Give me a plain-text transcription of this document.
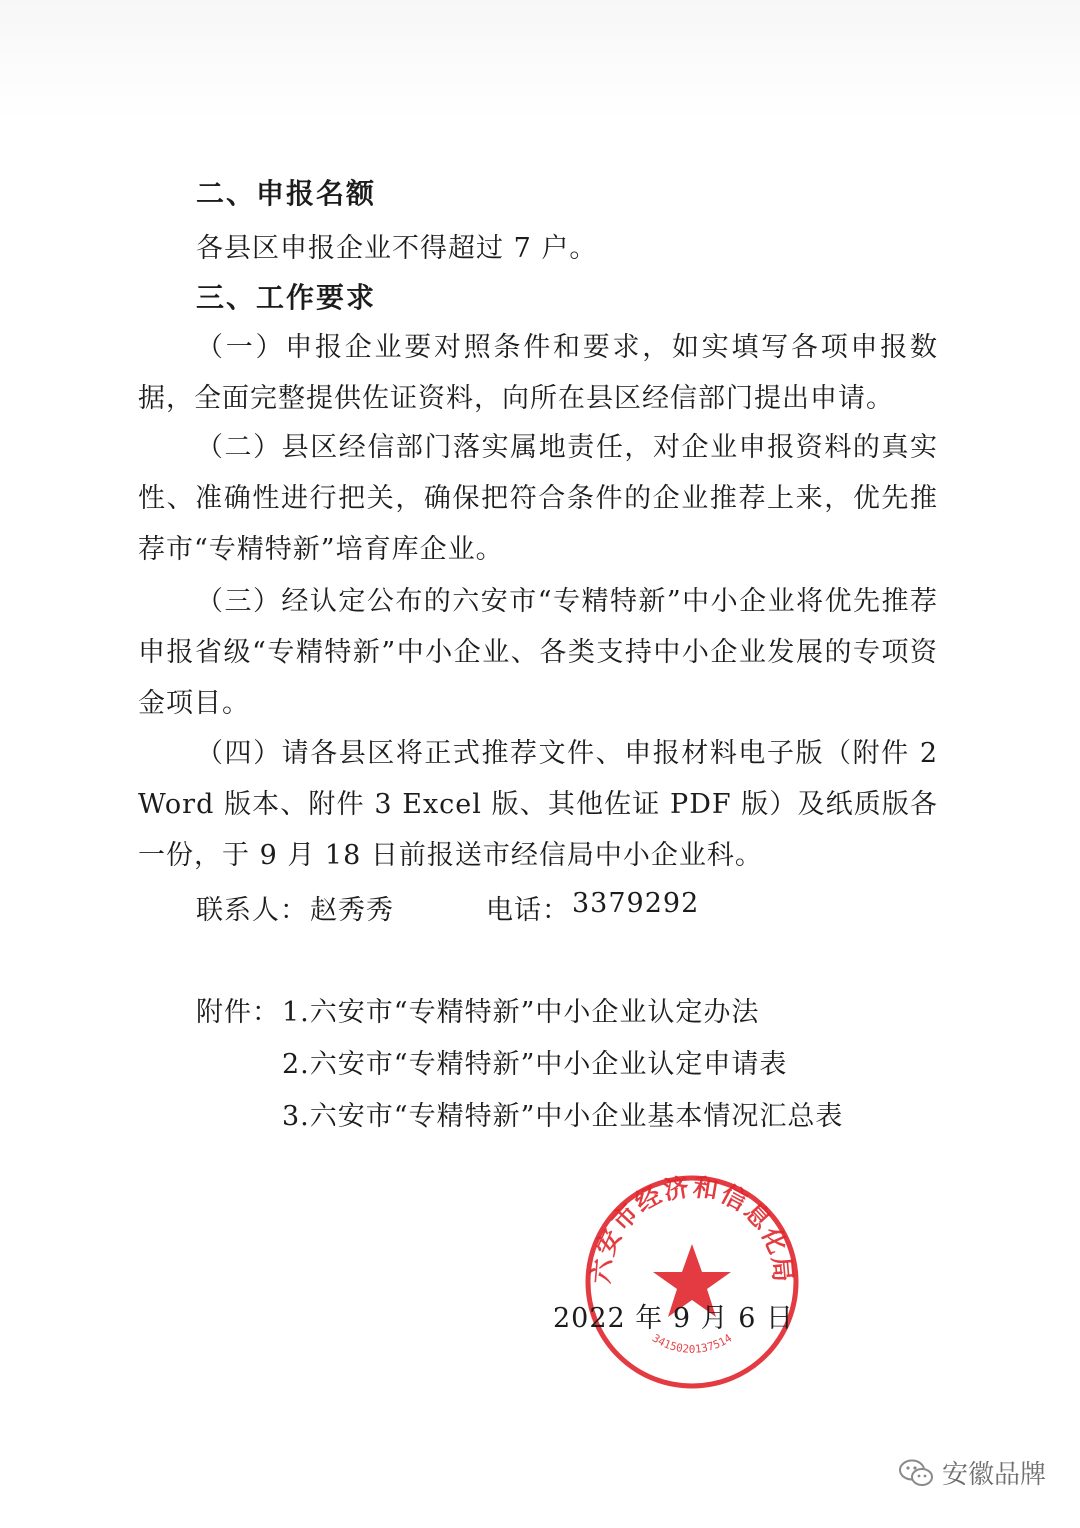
二、申报名额
各县区申报企业不得超过 7 户。
三、工作要求
（一）申报企业要对照条件和要求，如实填写各项申报数据，全面完整提供佐证资料，向所在县区经信部门提出申请。
（二）县区经信部门落实属地责任，对企业申报资料的真实性、准确性进行把关，确保把符合条件的企业推荐上来，优先推荐市“专精特新”培育库企业。
（三）经认定公布的六安市“专精特新”中小企业将优先推荐申报省级“专精特新”中小企业、各类支持中小企业发展的专项资金项目。
（四）请各县区将正式推荐文件、申报材料电子版（附件 2 Word 版本、附件 3 Excel 版、其他佐证 PDF 版）及纸质版各一份，于 9 月 18 日前报送市经信局中小企业科。
联系人： 赵秀秀	电话： 3379292
附件： 1.六安市“专精特新”中小企业认定办法
2.六安市“专精特新”中小企业认定申请表
3.六安市“专精特新”中小企业基本情况汇总表
六安市经济和信息化局
3415020137514
2022 年 9 月 6 日
安徽品牌
